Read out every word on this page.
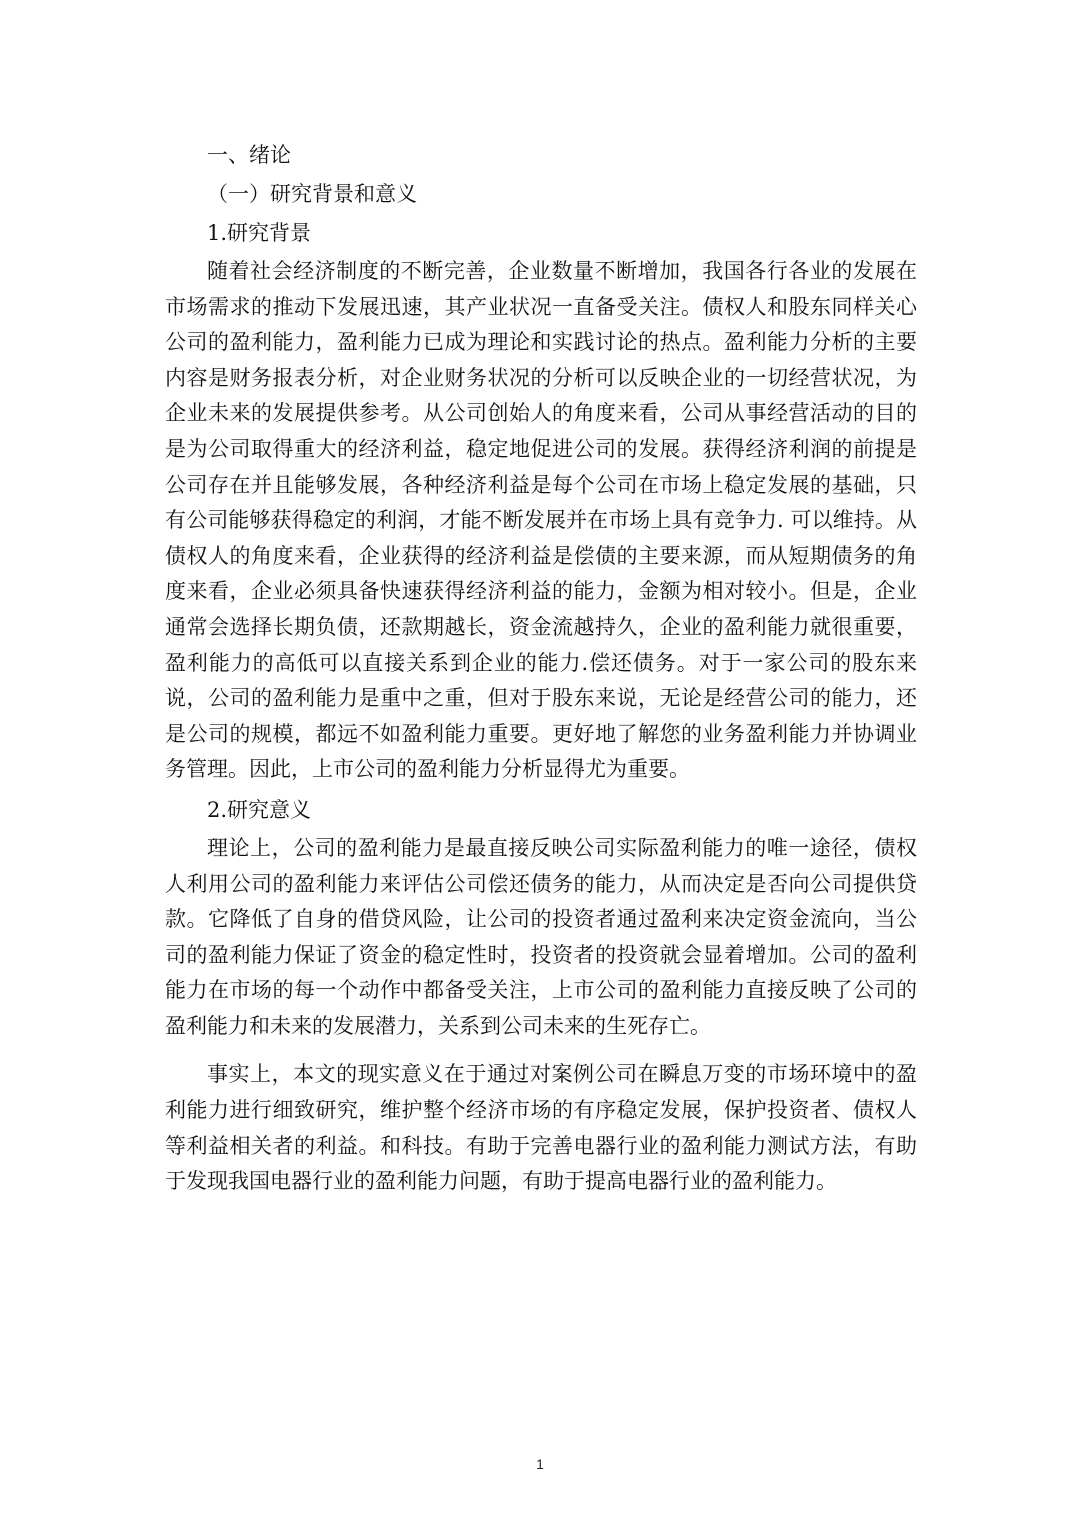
一、绪论
（一）研究背景和意义
1.研究背景

随着社会经济制度的不断完善，企业数量不断增加，我国各行各业的发展在市场需求的推动下发展迅速，其产业状况一直备受关注。债权人和股东同样关心公司的盈利能力，盈利能力已成为理论和实践讨论的热点。盈利能力分析的主要内容是财务报表分析，对企业财务状况的分析可以反映企业的一切经营状况，为企业未来的发展提供参考。从公司创始人的角度来看，公司从事经营活动的目的是为公司取得重大的经济利益，稳定地促进公司的发展。获得经济利润的前提是公司存在并且能够发展，各种经济利益是每个公司在市场上稳定发展的基础，只有公司能够获得稳定的利润，才能不断发展并在市场上具有竞争力. 可以维持。从债权人的角度来看，企业获得的经济利益是偿债的主要来源，而从短期债务的角度来看，企业必须具备快速获得经济利益的能力，金额为相对较小。但是，企业通常会选择长期负债，还款期越长，资金流越持久，企业的盈利能力就很重要，盈利能力的高低可以直接关系到企业的能力.偿还债务。对于一家公司的股东来说，公司的盈利能力是重中之重，但对于股东来说，无论是经营公司的能力，还是公司的规模，都远不如盈利能力重要。更好地了解您的业务盈利能力并协调业务管理。因此，上市公司的盈利能力分析显得尤为重要。

2.研究意义

理论上，公司的盈利能力是最直接反映公司实际盈利能力的唯一途径，债权人利用公司的盈利能力来评估公司偿还债务的能力，从而决定是否向公司提供贷款。它降低了自身的借贷风险，让公司的投资者通过盈利来决定资金流向，当公司的盈利能力保证了资金的稳定性时，投资者的投资就会显着增加。公司的盈利能力在市场的每一个动作中都备受关注，上市公司的盈利能力直接反映了公司的盈利能力和未来的发展潜力，关系到公司未来的生死存亡。

事实上，本文的现实意义在于通过对案例公司在瞬息万变的市场环境中的盈利能力进行细致研究，维护整个经济市场的有序稳定发展，保护投资者、债权人等利益相关者的利益。和科技。有助于完善电器行业的盈利能力测试方法，有助于发现我国电器行业的盈利能力问题，有助于提高电器行业的盈利能力。

1
